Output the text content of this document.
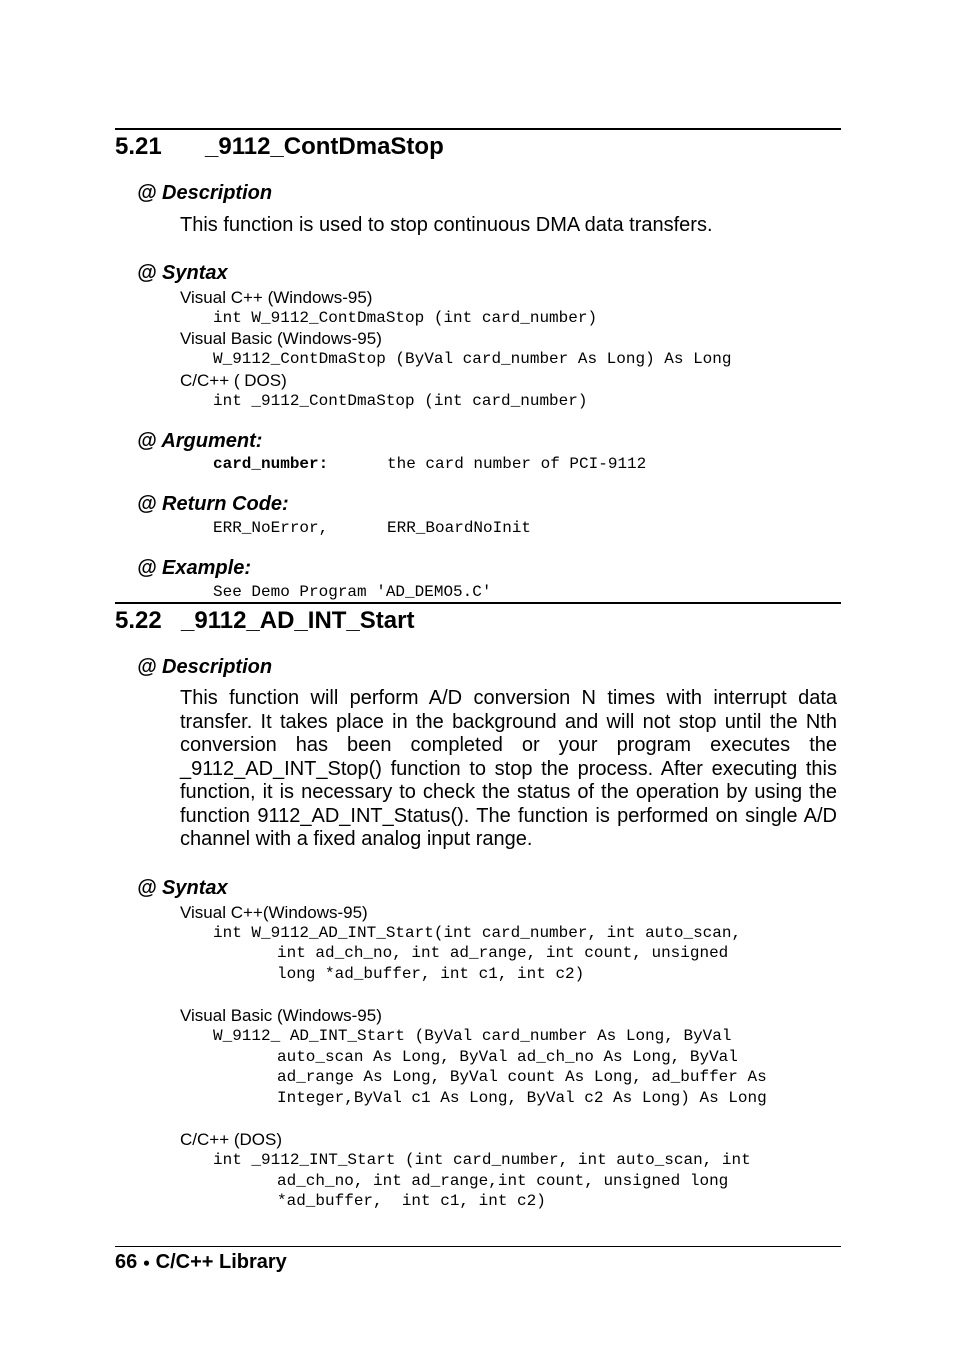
5.21 _9112_ContDmaStop
@ Description
This function is used to stop continuous DMA data transfers.
@ Syntax
Visual C++ (Windows-95)
int W_9112_ContDmaStop (int card_number)
Visual Basic (Windows-95)
W_9112_ContDmaStop (ByVal card_number As Long) As Long
C/C++ ( DOS)
int _9112_ContDmaStop (int card_number)
@ Argument:
card_number:	the card number of PCI-9112
@ Return Code:
ERR_NoError,	ERR_BoardNoInit
@ Example:
See Demo Program 'AD_DEMO5.C'
5.22 _9112_AD_INT_Start
@ Description
This function will perform A/D conversion N times with interrupt data transfer. It takes place in the background and will not stop until the Nth conversion has been completed or your program executes the _9112_AD_INT_Stop() function to stop the process. After executing this function, it is necessary to check the status of the operation by using the function 9112_AD_INT_Status(). The function is performed on single A/D channel with a fixed analog input range.
@ Syntax
Visual C++(Windows-95)
int W_9112_AD_INT_Start(int card_number, int auto_scan,
int ad_ch_no, int ad_range, int count, unsigned
long *ad_buffer, int c1, int c2)
Visual Basic (Windows-95)
W_9112_ AD_INT_Start (ByVal card_number As Long, ByVal
auto_scan As Long, ByVal ad_ch_no As Long, ByVal
ad_range As Long, ByVal count As Long, ad_buffer As
Integer,ByVal c1 As Long, ByVal c2 As Long) As Long
C/C++ (DOS)
int _9112_INT_Start (int card_number, int auto_scan, int
ad_ch_no, int ad_range,int count, unsigned long
*ad_buffer,  int c1, int c2)
66 ● C/C++ Library
